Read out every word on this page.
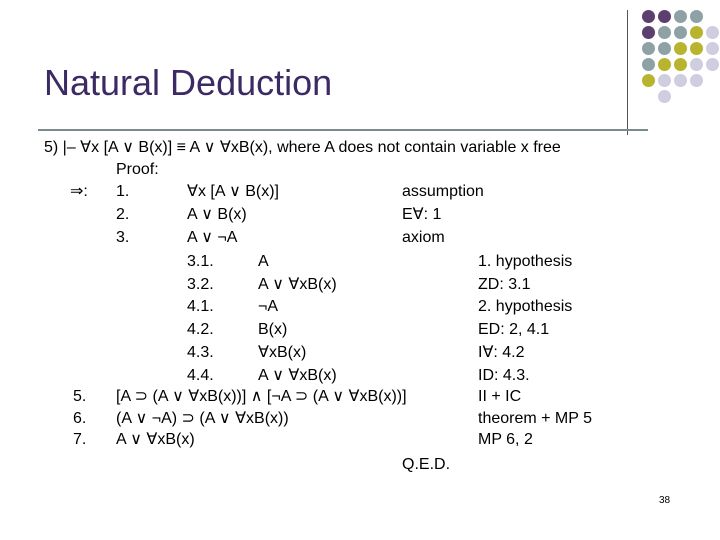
Natural Deduction
5) |– ∀x [A ∨ B(x)] ≡ A ∨ ∀xB(x), where A does not contain variable x free
Proof:
⇒: 1.	∀x [A ∨ B(x)]	assumption
2.	A ∨ B(x)	E∀: 1
3.	A ∨ ¬A	axiom
3.1.	A	1. hypothesis
3.2.	A ∨ ∀xB(x)	ZD: 3.1
4.1.	¬A	2. hypothesis
4.2.	B(x)	ED: 2, 4.1
4.3.	∀xB(x)	I∀: 4.2
4.4.	A ∨ ∀xB(x)	ID: 4.3.
5. [A ⊃ (A ∨ ∀xB(x))] ∧ [¬A ⊃ (A ∨ ∀xB(x))]	II + IC
6. (A ∨ ¬A) ⊃ (A ∨ ∀xB(x))	theorem + MP 5
7. A ∨ ∀xB(x)	MP 6, 2
Q.E.D.
38
